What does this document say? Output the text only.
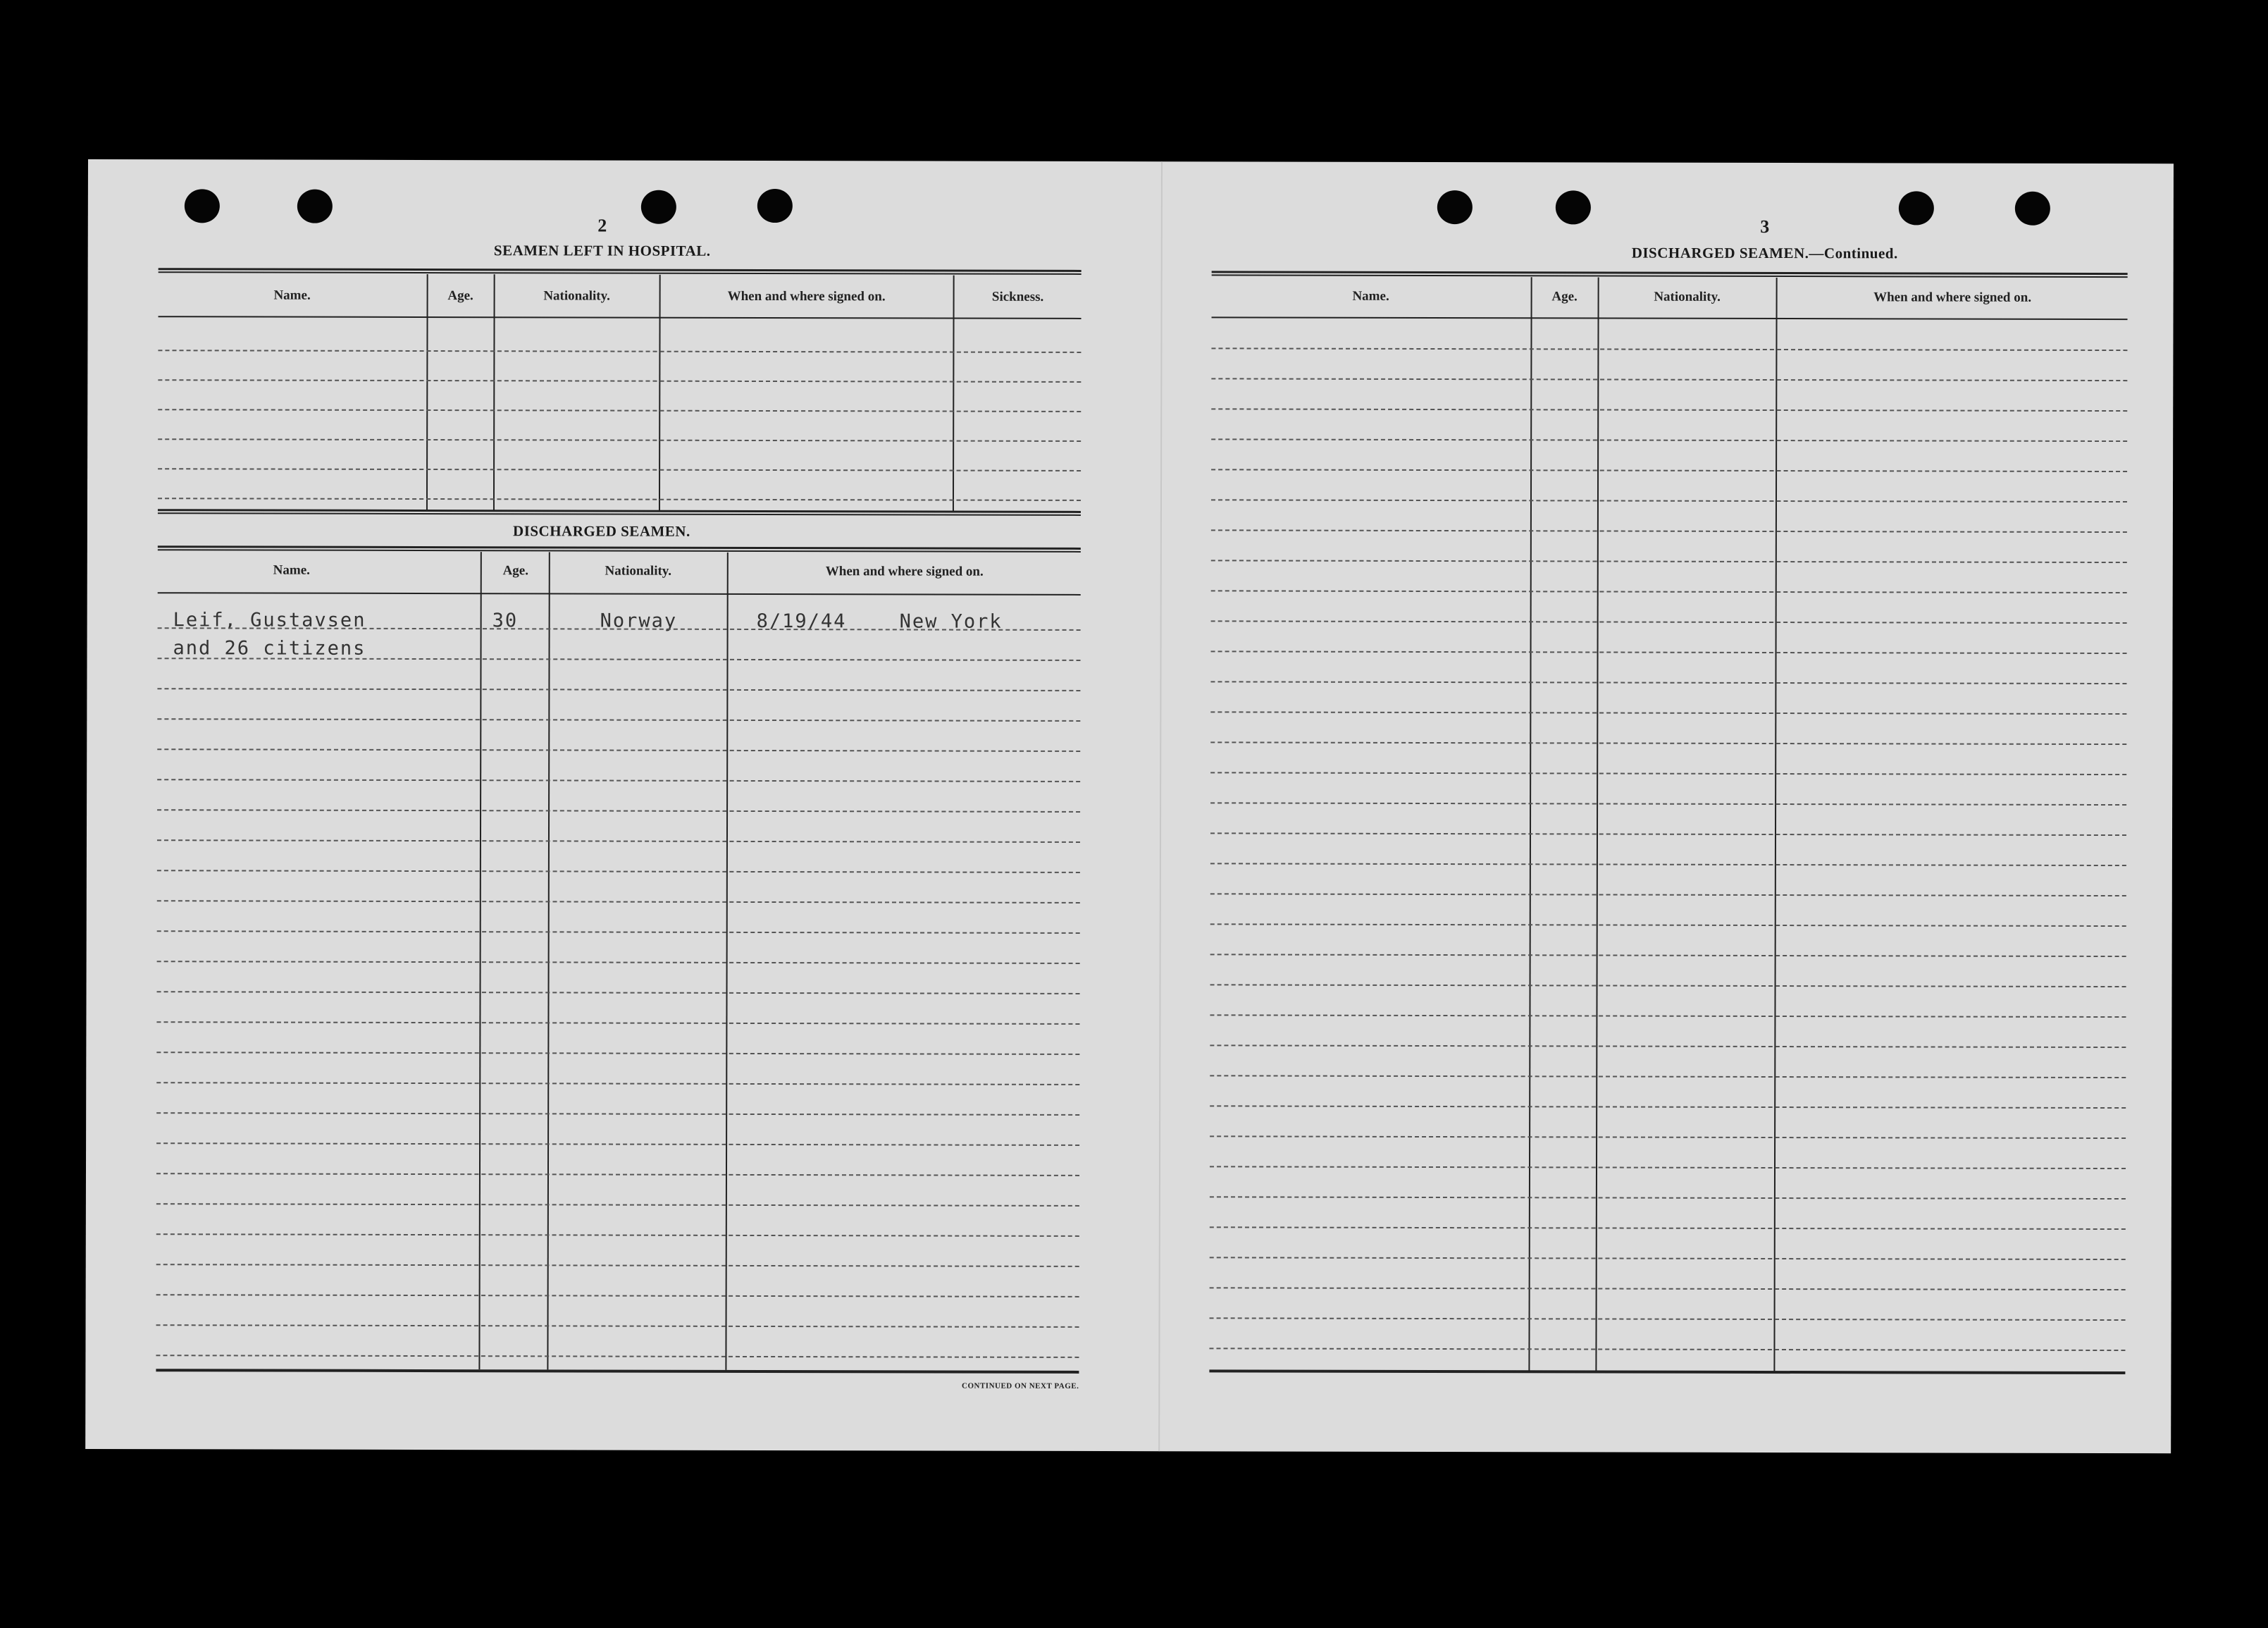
2
SEAMEN LEFT IN HOSPITAL.
Name.	Age.	Nationality.	When and where signed on.	Sickness.
DISCHARGED SEAMEN.
Name.	Age.	Nationality.	When and where signed on.
Leif, Gustavsen	30	Norway	8/19/44	New York
and 26 citizens
CONTINUED ON NEXT PAGE.
3
DISCHARGED SEAMEN.—Continued.
Name.	Age.	Nationality.	When and where signed on.
